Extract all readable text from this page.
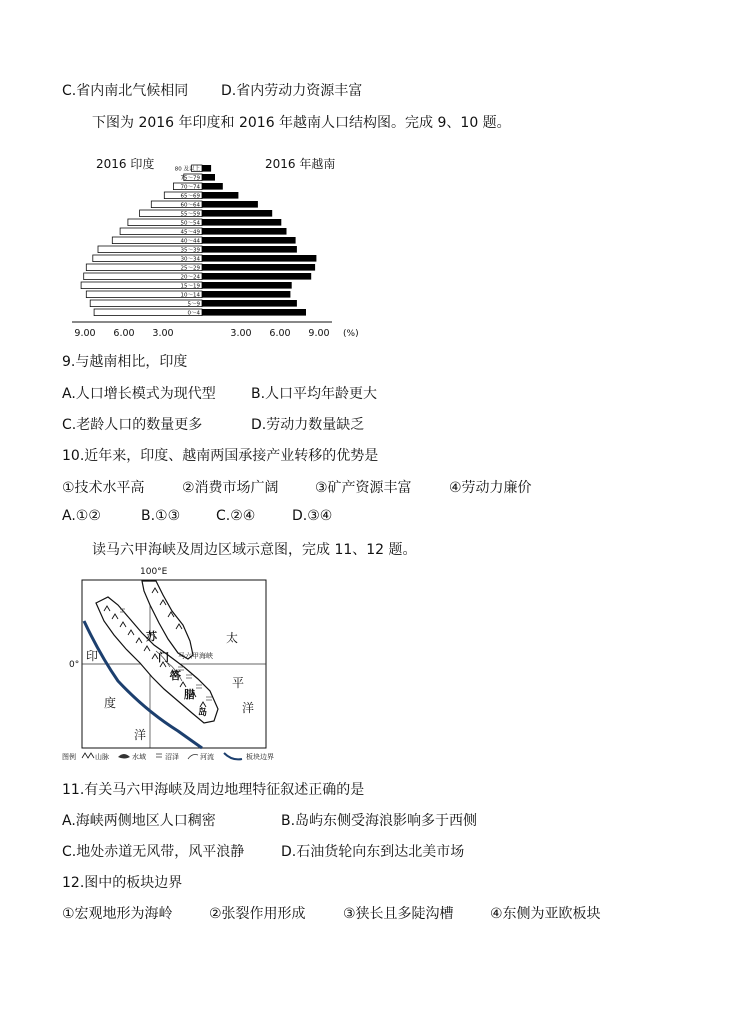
C.省内南北气候相同 D.省内劳动力资源丰富
下图为 2016 年印度和 2016 年越南人口结构图。完成 9、10 题。
2016 印度	2016 年越南
0～4
5～9
10～14
15～19
20～24
25～29
30～34
35～39
40～44
45～49
50～54
55～59
60～64
65～69
70～74
75～79
80 及以上
9.00 6.00 3.00	3.00 6.00 9.00 (%)
9.与越南相比，印度
A.人口增长模式为现代型	B.人口平均年龄更大
C.老龄人口的数量更多	D.劳动力数量缺乏
10.近年来，印度、越南两国承接产业转移的优势是
①技术水平高	②消费市场广阔	③矿产资源丰富	④劳动力廉价
A.①②	B.①③	C.②④	D.③④
读马六甲海峡及周边区域示意图，完成 11、12 题。
100°E
0°
苏
门
答
腊
岛
马六甲海峡
太
平
洋
印
度
洋
图例	山脉	水域	沼泽	河流	板块边界
11.有关马六甲海峡及周边地理特征叙述正确的是
A.海峡两侧地区人口稠密	B.岛屿东侧受海浪影响多于西侧
C.地处赤道无风带，风平浪静	D.石油货轮向东到达北美市场
12.图中的板块边界
①宏观地形为海岭	②张裂作用形成	③狭长且多陡沟槽	④东侧为亚欧板块
